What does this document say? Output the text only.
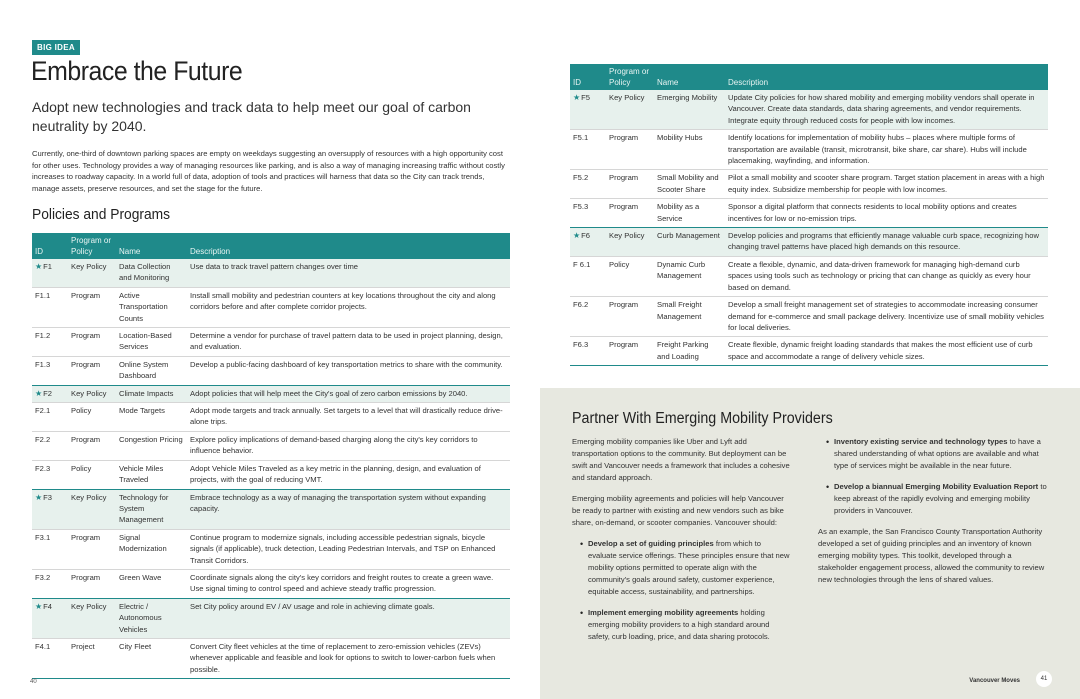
BIG IDEA
Embrace the Future
Adopt new technologies and track data to help meet our goal of carbon neutrality by 2040.
Currently, one-third of downtown parking spaces are empty on weekdays suggesting an oversupply of resources with a high opportunity cost for other uses. Technology provides a way of managing resources like parking, and is also a way of managing increasing traffic without costly increases to roadway capacity. In a world full of data, adoption of tools and practices will harness that data so the City can track trends, manage assets, preserve resources, and set the stage for the future.
Policies and Programs
ID	Program or Policy	Name	Description
★F1	Key Policy	Data Collection and Monitoring	Use data to track travel pattern changes over time
F1.1	Program	Active Transportation Counts	Install small mobility and pedestrian counters at key locations throughout the city and along corridors before and after complete corridor projects.
F1.2	Program	Location-Based Services	Determine a vendor for purchase of travel pattern data to be used in project planning, design, and evaluation.
F1.3	Program	Online System Dashboard	Develop a public-facing dashboard of key transportation metrics to share with the community.
★F2	Key Policy	Climate Impacts	Adopt policies that will help meet the City's goal of zero carbon emissions by 2040.
F2.1	Policy	Mode Targets	Adopt mode targets and track annually. Set targets to a level that will drastically reduce drive-alone trips.
F2.2	Program	Congestion Pricing	Explore policy implications of demand-based charging along the city's key corridors to influence behavior.
F2.3	Policy	Vehicle Miles Traveled	Adopt Vehicle Miles Traveled as a key metric in the planning, design, and evaluation of projects, with the goal of reducing VMT.
★F3	Key Policy	Technology for System Management	Embrace technology as a way of managing the transportation system without expanding capacity.
F3.1	Program	Signal Modernization	Continue program to modernize signals, including accessible pedestrian signals, bicycle signals (if applicable), truck detection, Leading Pedestrian Intervals, and TSP on Enhanced Transit Corridors.
F3.2	Program	Green Wave	Coordinate signals along the city's key corridors and freight routes to create a green wave. Use signal timing to control speed and achieve steady traffic progression.
★F4	Key Policy	Electric / Autonomous Vehicles	Set City policy around EV / AV usage and role in achieving climate goals.
F4.1	Project	City Fleet	Convert City fleet vehicles at the time of replacement to zero-emission vehicles (ZEVs) whenever applicable and feasible and look for options to switch to lower-carbon fuels when possible.
40
ID	Program or Policy	Name	Description
★F5	Key Policy	Emerging Mobility	Update City policies for how shared mobility and emerging mobility vendors shall operate in Vancouver. Create data standards, data sharing agreements, and vendor requirements. Integrate equity through reduced costs for people with low incomes.
F5.1	Program	Mobility Hubs	Identify locations for implementation of mobility hubs – places where multiple forms of transportation are available (transit, microtransit, bike share, car share). Hubs will include placemaking, wayfinding, and information.
F5.2	Program	Small Mobility and Scooter Share	Pilot a small mobility and scooter share program. Target station placement in areas with a high equity index. Subsidize membership for people with low incomes.
F5.3	Program	Mobility as a Service	Sponsor a digital platform that connects residents to local mobility options and creates incentives for low or no-emission trips.
★F6	Key Policy	Curb Management	Develop policies and programs that efficiently manage valuable curb space, recognizing how changing travel patterns have placed high demands on this resource.
F 6.1	Policy	Dynamic Curb Management	Create a flexible, dynamic, and data-driven framework for managing high-demand curb spaces using tools such as technology or pricing that can change as quickly as every hour based on demand.
F6.2	Program	Small Freight Management	Develop a small freight management set of strategies to accommodate increasing consumer demand for e-commerce and small package delivery. Incentivize use of small mobility vehicles for local deliveries.
F6.3	Program	Freight Parking and Loading	Create flexible, dynamic freight loading standards that makes the most efficient use of curb space and accommodate a range of delivery vehicle sizes.
Partner With Emerging Mobility Providers

Emerging mobility companies like Uber and Lyft add transportation options to the community. But deployment can be swift and Vancouver needs a framework that includes a cohesive and standard approach.

Emerging mobility agreements and policies will help Vancouver be ready to partner with existing and new vendors such as bike share, on-demand, or scooter companies. Vancouver should:

• Develop a set of guiding principles from which to evaluate service offerings. These principles ensure that new mobility options permitted to operate align with the community's goals around safety, customer experience, equitable access, sustainability, and partnerships.
• Implement emerging mobility agreements holding emerging mobility providers to a high standard around safety, curb loading, price, and data sharing protocols.
• Inventory existing service and technology types to have a shared understanding of what options are available and what type of services might be available in the near future.
• Develop a biannual Emerging Mobility Evaluation Report to keep abreast of the rapidly evolving and emerging mobility providers in Vancouver.

As an example, the San Francisco County Transportation Authority developed a set of guiding principles and an inventory of known emerging mobility types. This toolkit, developed through a stakeholder engagement process, allowed the community to review new technologies through the lens of shared values.

Vancouver Moves	41
